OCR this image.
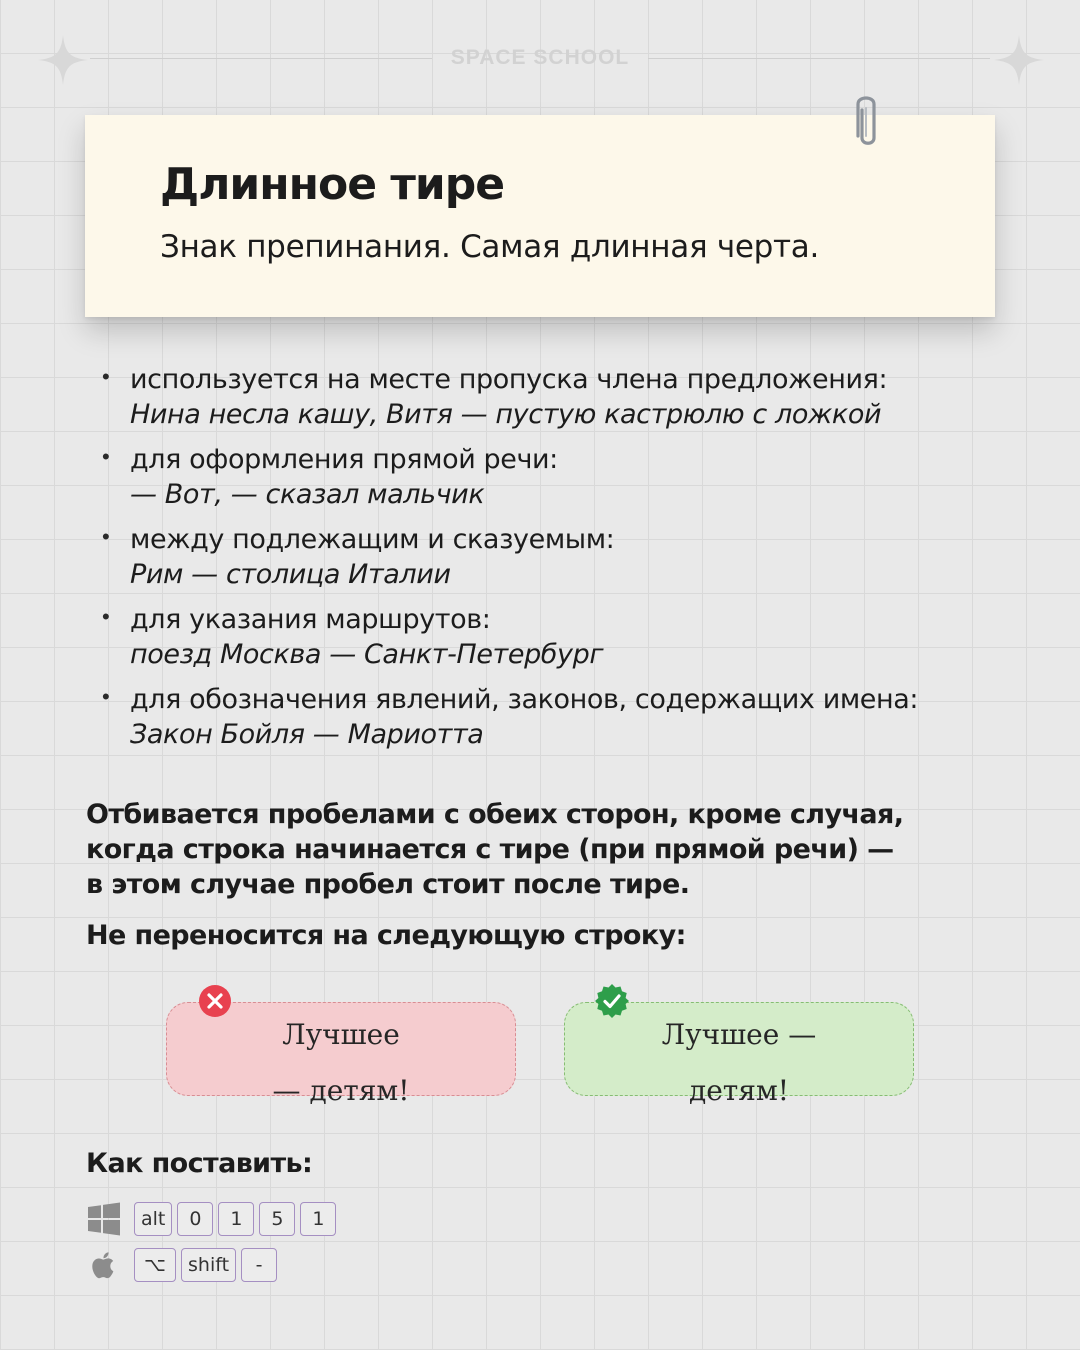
SPACE SCHOOL
Длинное тире

Знак препинания. Самая длинная черта.

• используется на месте пропуска члена предложения:
Нина несла кашу, Витя — пустую кастрюлю с ложкой
• для оформления прямой речи:
— Вот, — сказал мальчик
• между подлежащим и сказуемым:
Рим — столица Италии
• для указания маршрутов:
поезд Москва — Санкт-Петербург
• для обозначения явлений, законов, содержащих имена:
Закон Бойля — Мариотта

Отбивается пробелами с обеих сторон, кроме случая,

когда строка начинается с тире (при прямой речи) —

в этом случае пробел стоит после тире.

Не переносится на следующую строку:

Лучшее

— детям!

Лучшее —

детям!

Как поставить:
alt	0	1	5	1
⌥	shift	-
